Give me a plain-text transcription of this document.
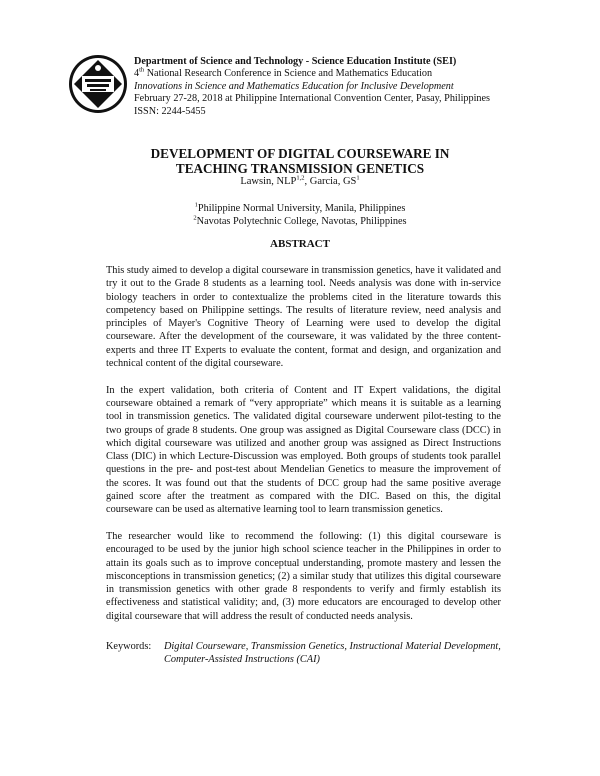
Department of Science and Technology - Science Education Institute (SEI)
4th National Research Conference in Science and Mathematics Education
Innovations in Science and Mathematics Education for Inclusive Development
February 27-28, 2018 at Philippine International Convention Center, Pasay, Philippines
ISSN: 2244-5455
DEVELOPMENT OF DIGITAL COURSEWARE IN
TEACHING TRANSMISSION GENETICS
Lawsin, NLP$^{1,2}$, Garcia, $GS^1$
$^1$Philippine Normal University, Manila, Philippines
$^2$Navotas Polytechnic College, Navotas, Philippines
ABSTRACT

This study aimed to develop a digital courseware in transmission genetics, have it validated and try it out to the Grade 8 students as a learning tool. Needs analysis was done with in-service biology teachers in order to contextualize the problems cited in the literature towards this competency based on Philippine settings. The results of literature review, need analysis and principles of Mayer's Cognitive Theory of Learning were used to develop the digital courseware. After the development of the courseware, it was validated by the three content-experts and three IT Experts to evaluate the content, format and design, and organization and technical content of the digital courseware.

In the expert validation, both criteria of Content and IT Expert validations, the digital courseware obtained a remark of “very appropriate” which means it is suitable as a learning tool in transmission genetics. The validated digital courseware underwent pilot-testing to the two groups of grade 8 students. One group was assigned as Digital Courseware class (DCC) in which digital courseware was utilized and another group was assigned as Direct Instructions Class (DIC) in which Lecture-Discussion was employed. Both groups of students took parallel questions in the pre- and post-test about Mendelian Genetics to measure the improvement of the scores. It was found out that the students of DCC group had the same positive average gained score after the treatment as compared with the DIC. Based on this, the digital courseware can be used as alternative learning tool to learn transmission genetics.

The researcher would like to recommend the following: (1) this digital courseware is encouraged to be used by the junior high school science teacher in the Philippines in order to attain its goals such as to improve conceptual understanding, promote mastery and lessen the misconceptions in transmission genetics; (2) a similar study that utilizes this digital courseware in transmission genetics with other grade 8 respondents to verify and firmly establish its effectiveness and statistical validity; and, (3) more educators are encouraged to develop other digital courseware that will address the result of conducted needs analysis.

Keywords: Digital Courseware, Transmission Genetics, Instructional Material Development, Computer-Assisted Instructions (CAI)
